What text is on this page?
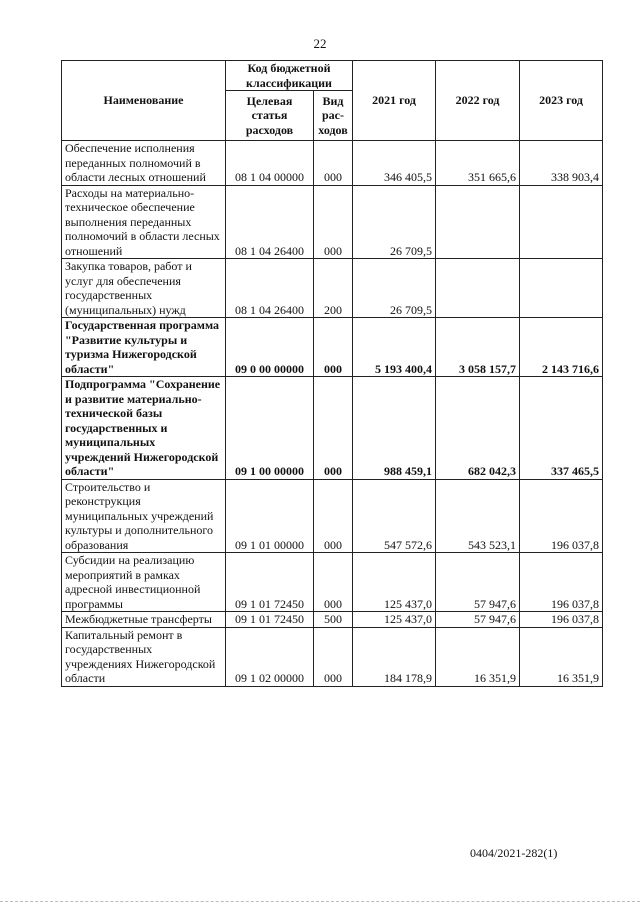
22
Наименование	Код бюджетной классификации		2021 год	2022 год	2023 год
	Целевая статья расходов	Вид рас-ходов			
Обеспечение исполнения переданных полномочий в области лесных отношений	08 1 04 00000	000	346 405,5	351 665,6	338 903,4
Расходы на материально-техническое обеспечение выполнения переданных полномочий в области лесных отношений	08 1 04 26400	000	26 709,5		
Закупка товаров, работ и услуг для обеспечения государственных (муниципальных) нужд	08 1 04 26400	200	26 709,5		
Государственная программа "Развитие культуры и туризма Нижегородской области"	09 0 00 00000	000	5 193 400,4	3 058 157,7	2 143 716,6
Подпрограмма "Сохранение и развитие материально-технической базы государственных и муниципальных учреждений Нижегородской области"	09 1 00 00000	000	988 459,1	682 042,3	337 465,5
Строительство и реконструкция муниципальных учреждений культуры и дополнительного образования	09 1 01 00000	000	547 572,6	543 523,1	196 037,8
Субсидии на реализацию мероприятий в рамках адресной инвестиционной программы	09 1 01 72450	000	125 437,0	57 947,6	196 037,8
Межбюджетные трансферты	09 1 01 72450	500	125 437,0	57 947,6	196 037,8
Капитальный ремонт в государственных учреждениях Нижегородской области	09 1 02 00000	000	184 178,9	16 351,9	16 351,9
0404/2021-282(1)
